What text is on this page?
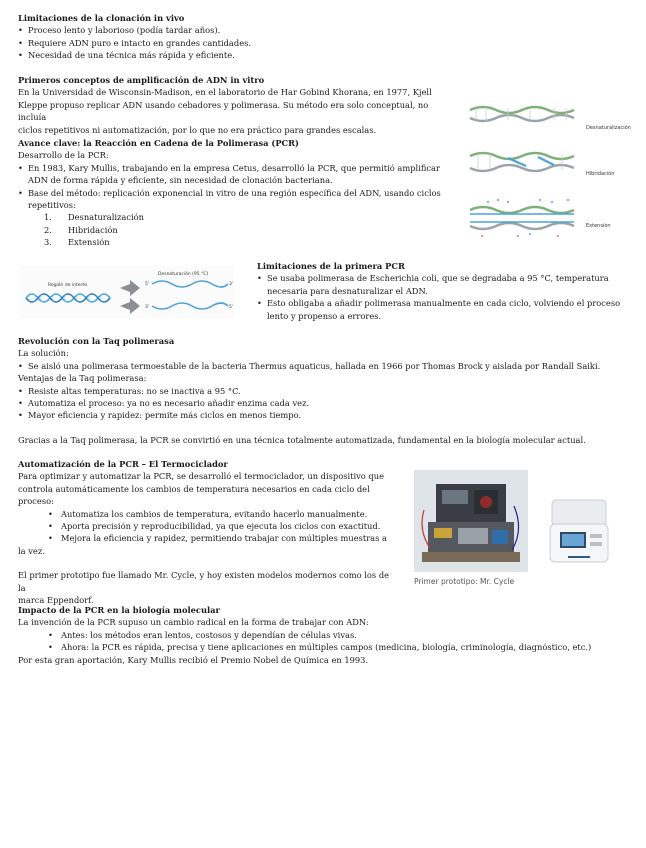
Limitaciones de la clonación in vivo
• Proceso lento y laborioso (podía tardar años).
• Requiere ADN puro e intacto en grandes cantidades.
• Necesidad de una técnica más rápida y eficiente.
Primeros conceptos de amplificación de ADN in vitro

En la Universidad de Wisconsin-Madison, en el laboratorio de Har Gobind Khorana, en 1977, Kjell

Kleppe propuso replicar ADN usando cebadores y polimerasa. Su método era solo conceptual, no incluía

ciclos repetitivos ni automatización, por lo que no era práctico para grandes escalas.

Avance clave: la Reacción en Cadena de la Polimerasa (PCR)

Desarrollo de la PCR:

• En 1983, Kary Mullis, trabajando en la empresa Cetus, desarrolló la PCR, que permitió amplificar
ADN de forma rápida y eficiente, sin necesidad de clonación bacteriana.
• Base del método: replicación exponencial in vitro de una región específica del ADN, usando ciclos
repetitivos:
1. Desnaturalización
2. Hibridación
3. Extensión
Desnaturalización
Hibridación
Extensión
Región de interés
Desnaturación (95 °C)
5'	3'
3'	5'
Limitaciones de la primera PCR
• Se usaba polimerasa de Escherichia coli, que se degradaba a 95 °C, temperatura
necesaria para desnaturalizar el ADN.
• Esto obligaba a añadir polimerasa manualmente en cada ciclo, volviendo el proceso
lento y propenso a errores.
Revolución con la Taq polimerasa

La solución:

• Se aisló una polimerasa termoestable de la bacteria Thermus aquaticus, hallada en 1966 por Thomas Brock y aislada por Randall Saiki.

Ventajas de la Taq polimerasa:

• Resiste altas temperaturas: no se inactiva a 95 °C.
• Automatiza el proceso: ya no es necesario añadir enzima cada vez.
• Mayor eficiencia y rapidez: permite más ciclos en menos tiempo.

Gracias a la Taq polimerasa, la PCR se convirtió en una técnica totalmente automatizada, fundamental en la biología molecular actual.

Automatización de la PCR – El Termociclador

Para optimizar y automatizar la PCR, se desarrolló el termociclador, un dispositivo que

controla automáticamente los cambios de temperatura necesarios en cada ciclo del

proceso:

• Automatiza los cambios de temperatura, evitando hacerlo manualmente.
• Aporta precisión y reproducibilidad, ya que ejecuta los ciclos con exactitud.
• Mejora la eficiencia y rapidez, permitiendo trabajar con múltiples muestras a

la vez.

El primer prototipo fue llamado Mr. Cycle, y hoy existen modelos modernos como los de la

marca Eppendorf.

Primer prototipo: Mr. Cycle
Impacto de la PCR en la biología molecular

La invención de la PCR supuso un cambio radical en la forma de trabajar con ADN:

• Antes: los métodos eran lentos, costosos y dependían de células vivas.
• Ahora: la PCR es rápida, precisa y tiene aplicaciones en múltiples campos (medicina, biología, criminología, diagnóstico, etc.)

Por esta gran aportación, Kary Mullis recibió el Premio Nobel de Química en 1993.
